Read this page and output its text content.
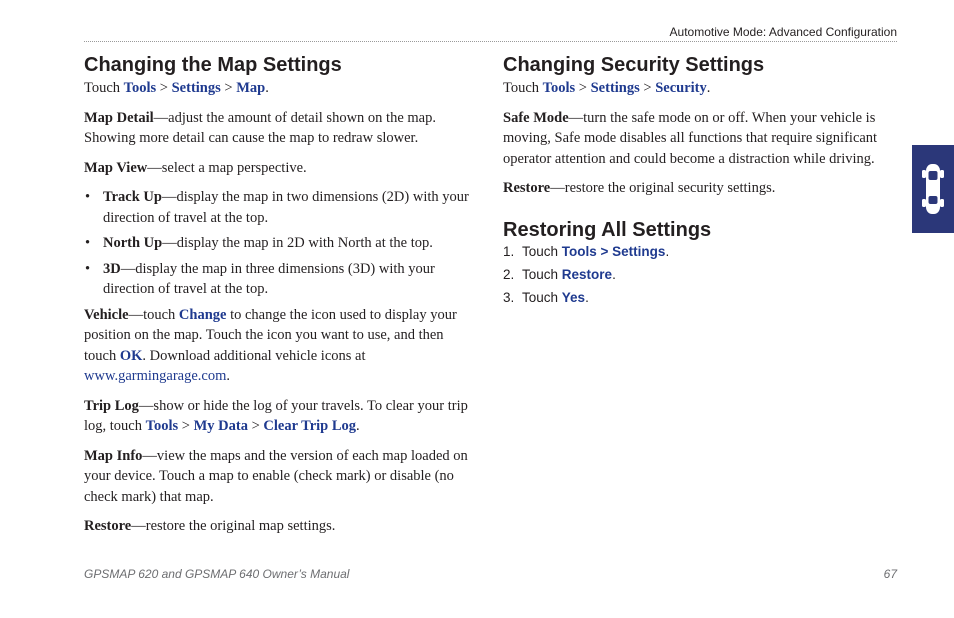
Automotive Mode: Advanced Configuration
Changing the Map Settings

Touch Tools > Settings > Map.

Map Detail—adjust the amount of detail shown on the map. Showing more detail can cause the map to redraw slower.

Map View—select a map perspective.

• Track Up—display the map in two dimensions (2D) with your direction of travel at the top.
• North Up—display the map in 2D with North at the top.
• 3D—display the map in three dimensions (3D) with your direction of travel at the top.

Vehicle—touch Change to change the icon used to display your position on the map. Touch the icon you want to use, and then touch OK. Download additional vehicle icons at www.garmingarage.com.

Trip Log—show or hide the log of your travels. To clear your trip log, touch Tools > My Data > Clear Trip Log.

Map Info—view the maps and the version of each map loaded on your device. Touch a map to enable (check mark) or disable (no check mark) that map.

Restore—restore the original map settings.

Changing Security Settings

Touch Tools > Settings > Security.

Safe Mode—turn the safe mode on or off. When your vehicle is moving, Safe mode disables all functions that require significant operator attention and could become a distraction while driving.

Restore—restore the original security settings.

Restoring All Settings
1. Touch Tools > Settings.
2. Touch Restore.
3. Touch Yes.
GPSMAP 620 and GPSMAP 640 Owner’s Manual	67
